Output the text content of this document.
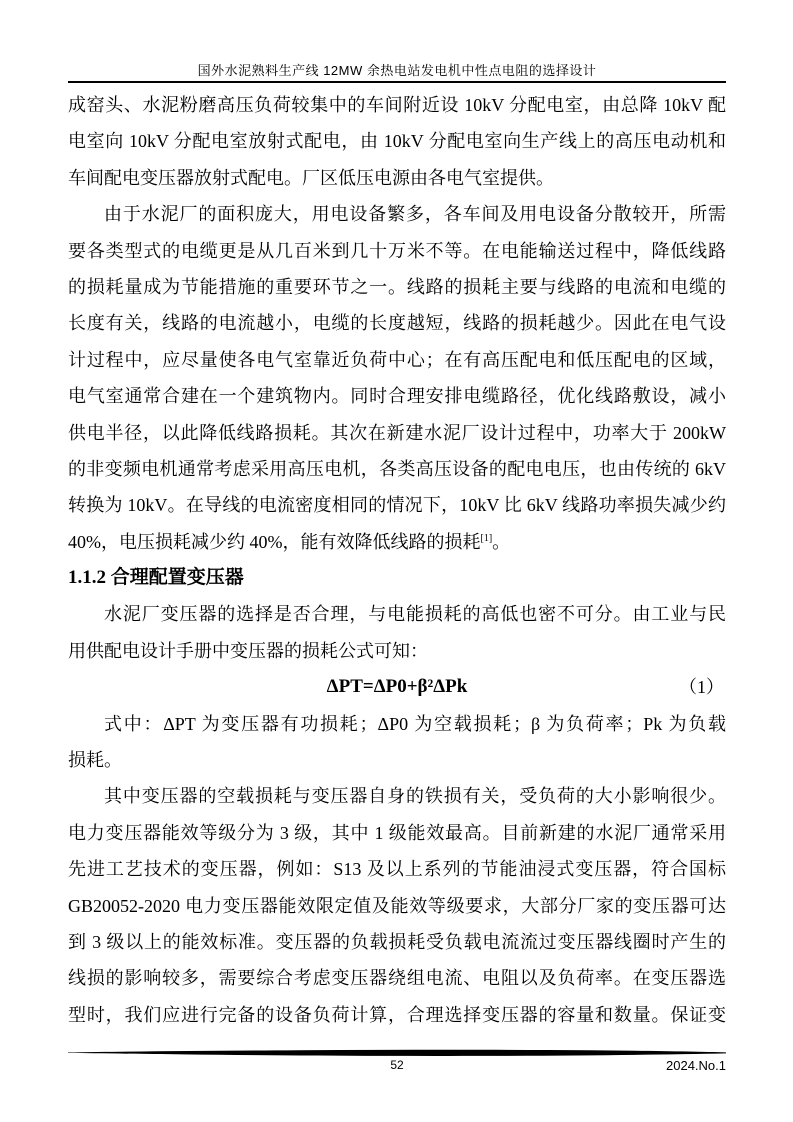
国外水泥熟料生产线 12MW 余热电站发电机中性点电阻的选择设计
成窑头、水泥粉磨高压负荷较集中的车间附近设 10kV 分配电室，由总降 10kV 配
电室向 10kV 分配电室放射式配电，由 10kV 分配电室向生产线上的高压电动机和
车间配电变压器放射式配电。厂区低压电源由各电气室提供。
由于水泥厂的面积庞大，用电设备繁多，各车间及用电设备分散较开，所需
要各类型式的电缆更是从几百米到几十万米不等。在电能输送过程中，降低线路
的损耗量成为节能措施的重要环节之一。线路的损耗主要与线路的电流和电缆的
长度有关，线路的电流越小，电缆的长度越短，线路的损耗越少。因此在电气设
计过程中，应尽量使各电气室靠近负荷中心；在有高压配电和低压配电的区域，
电气室通常合建在一个建筑物内。同时合理安排电缆路径，优化线路敷设，减小
供电半径，以此降低线路损耗。其次在新建水泥厂设计过程中，功率大于 200kW
的非变频电机通常考虑采用高压电机，各类高压设备的配电电压，也由传统的 6kV
转换为 10kV。在导线的电流密度相同的情况下，10kV 比 6kV 线路功率损失减少约
40%，电压损耗减少约 40%，能有效降低线路的损耗[1]。
1.1.2 合理配置变压器
水泥厂变压器的选择是否合理，与电能损耗的高低也密不可分。由工业与民
用供配电设计手册中变压器的损耗公式可知：
ΔPT=ΔP0+β²ΔPk	（1）
式中：ΔPT 为变压器有功损耗；ΔP0 为空载损耗；β 为负荷率；Pk 为负载
损耗。
其中变压器的空载损耗与变压器自身的铁损有关，受负荷的大小影响很少。
电力变压器能效等级分为 3 级，其中 1 级能效最高。目前新建的水泥厂通常采用
先进工艺技术的变压器，例如：S13 及以上系列的节能油浸式变压器，符合国标
GB20052-2020 电力变压器能效限定值及能效等级要求，大部分厂家的变压器可达
到 3 级以上的能效标准。变压器的负载损耗受负载电流流过变压器线圈时产生的
线损的影响较多，需要综合考虑变压器绕组电流、电阻以及负荷率。在变压器选
型时，我们应进行完备的设备负荷计算，合理选择变压器的容量和数量。保证变
52	2024.No.1
